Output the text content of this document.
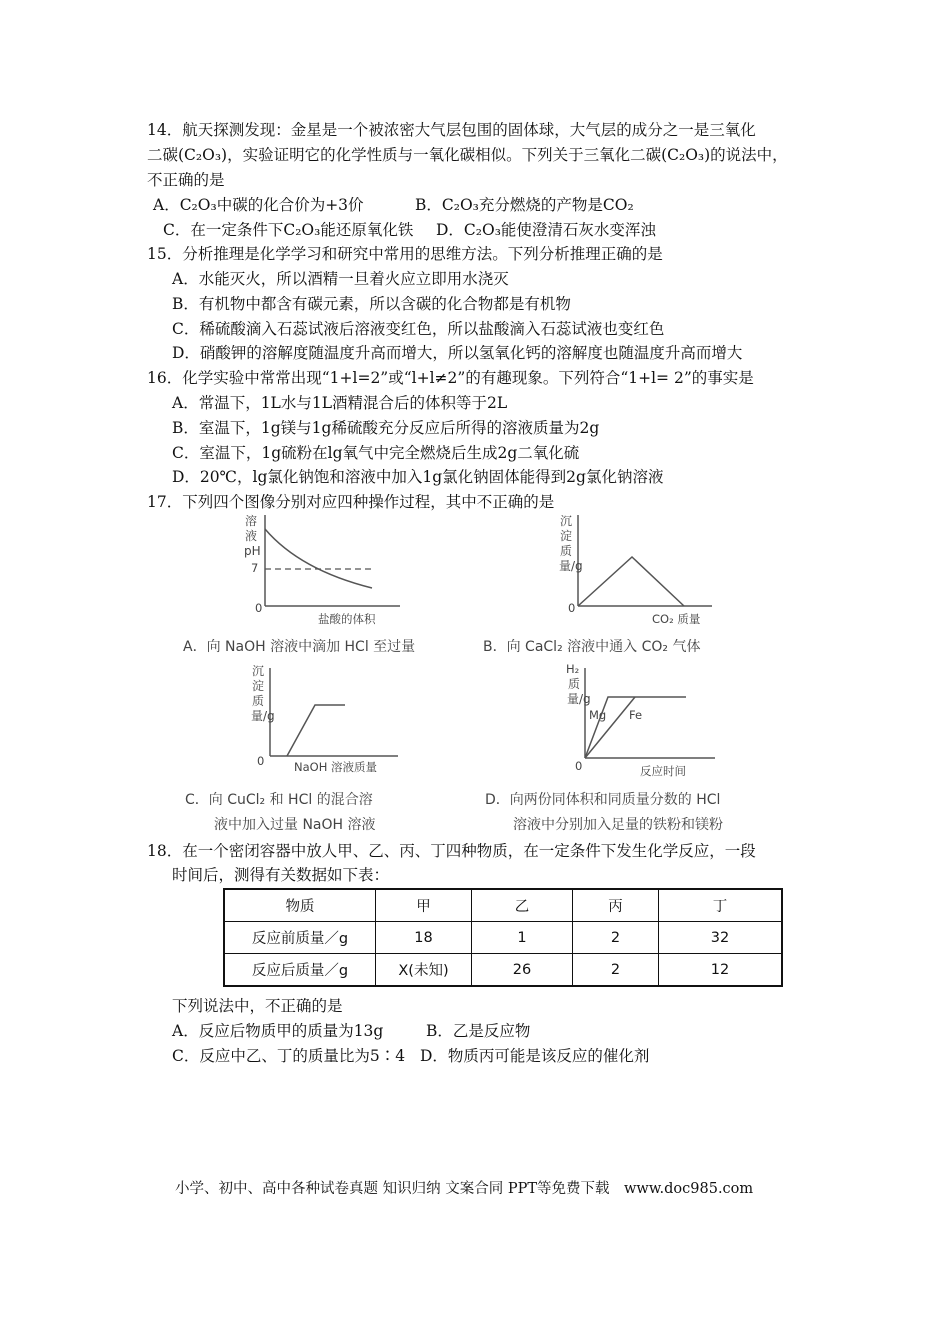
14．航天探测发现：金星是一个被浓密大气层包围的固体球，大气层的成分之一是三氧化
二碳(C₂O₃)，实验证明它的化学性质与一氧化碳相似。下列关于三氧化二碳(C₂O₃)的说法中，
不正确的是
A．C₂O₃中碳的化合价为+3价	B．C₂O₃充分燃烧的产物是CO₂
C．在一定条件下C₂O₃能还原氧化铁 D．C₂O₃能使澄清石灰水变浑浊
15．分析推理是化学学习和研究中常用的思维方法。下列分析推理正确的是
A．水能灭火，所以酒精一旦着火应立即用水浇灭
B．有机物中都含有碳元素，所以含碳的化合物都是有机物
C．稀硫酸滴入石蕊试液后溶液变红色，所以盐酸滴入石蕊试液也变红色
D．硝酸钾的溶解度随温度升高而增大，所以氢氧化钙的溶解度也随温度升高而增大
16．化学实验中常常出现“1+l=2”或“l+l≠2”的有趣现象。下列符合“1+l= 2”的事实是
A．常温下，1L水与1L酒精混合后的体积等于2L
B．室温下，1g镁与1g稀硫酸充分反应后所得的溶液质量为2g
C．室温下，1g硫粉在lg氧气中完全燃烧后生成2g二氧化硫
D．20℃，lg氯化钠饱和溶液中加入1g氯化钠固体能得到2g氯化钠溶液
17．下列四个图像分别对应四种操作过程，其中不正确的是
溶液pH
7
0
盐酸的体积
A．向 NaOH 溶液中滴加 HCl 至过量
沉淀质量/g
0
CO₂ 质量
B．向 CaCl₂ 溶液中通入 CO₂ 气体
沉淀质量/g
0	NaOH 溶液质量
C．向 CuCl₂ 和 HCl 的混合溶
液中加入过量 NaOH 溶液
H₂
质量/g
Mg Fe
0	反应时间
D．向两份同体积和同质量分数的 HCl
溶液中分别加入足量的铁粉和镁粉
18．在一个密闭容器中放人甲、乙、丙、丁四种物质，在一定条件下发生化学反应，一段
时间后，测得有关数据如下表：
物质	甲	乙	丙	丁
反应前质量／g	18	1	2	32
反应后质量／g	X(未知)	26	2	12
下列说法中，不正确的是
A．反应后物质甲的质量为13g	B．乙是反应物
C．反应中乙、丁的质量比为5∶4 D．物质丙可能是该反应的催化剂
小学、初中、高中各种试卷真题 知识归纳 文案合同 PPT等免费下载　www.doc985.com
